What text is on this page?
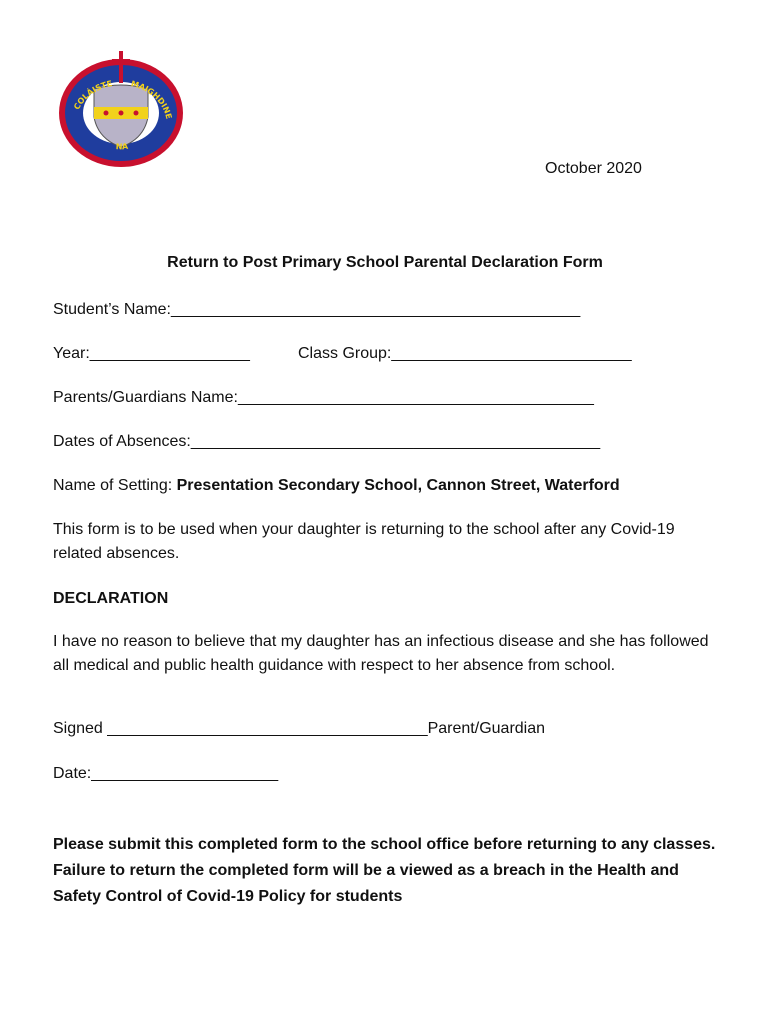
COLÁISTE MAIGHDINE
NA
October 2020
Return to Post Primary School Parental Declaration Form
Student’s Name:______________________________________________
Year:__________________	Class Group:___________________________
Parents/Guardians Name:________________________________________
Dates of Absences:______________________________________________
Name of Setting: Presentation Secondary School, Cannon Street, Waterford
This form is to be used when your daughter is returning to the school after any Covid-19 related absences.
DECLARATION
I have no reason to believe that my daughter has an infectious disease and she has followed all medical and public health guidance with respect to her absence from school.
Signed ____________________________________Parent/Guardian
Date:_____________________
Please submit this completed form to the school office before returning to any classes. Failure to return the completed form will be a viewed as a breach in the Health and Safety Control of Covid-19 Policy for students
